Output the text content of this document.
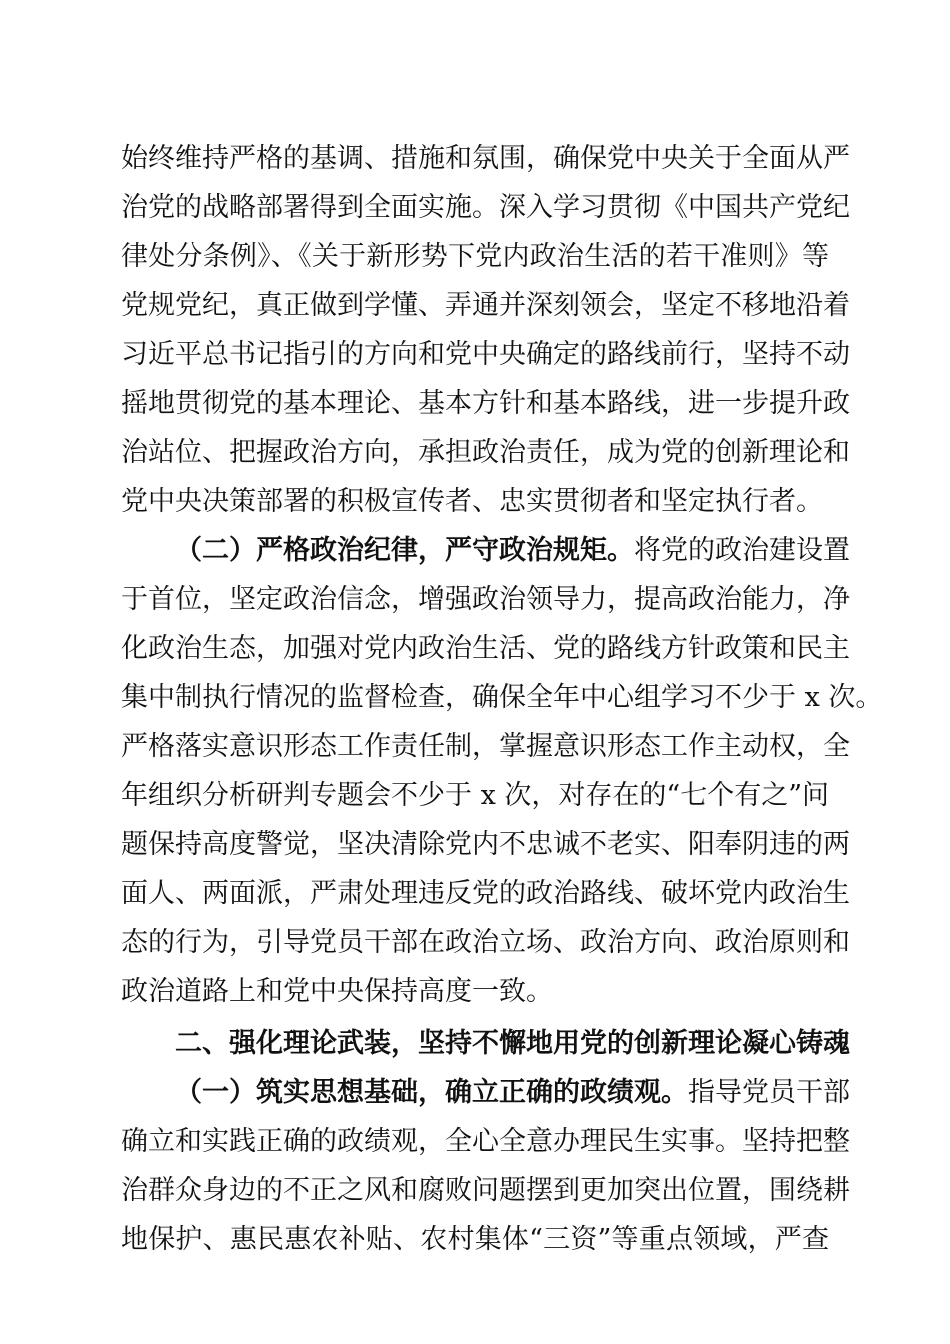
始终维持严格的基调、措施和氛围，确保党中央关于全面从严
治党的战略部署得到全面实施。深入学习贯彻《中国共产党纪
律处分条例》、《关于新形势下党内政治生活的若干准则》等
党规党纪，真正做到学懂、弄通并深刻领会，坚定不移地沿着
习近平总书记指引的方向和党中央确定的路线前行，坚持不动
摇地贯彻党的基本理论、基本方针和基本路线，进一步提升政
治站位、把握政治方向，承担政治责任，成为党的创新理论和
党中央决策部署的积极宣传者、忠实贯彻者和坚定执行者。
（二）严格政治纪律，严守政治规矩。将党的政治建设置
于首位，坚定政治信念，增强政治领导力，提高政治能力，净
化政治生态，加强对党内政治生活、党的路线方针政策和民主
集中制执行情况的监督检查，确保全年中心组学习不少于 x 次。
严格落实意识形态工作责任制，掌握意识形态工作主动权，全
年组织分析研判专题会不少于 x 次，对存在的“七个有之”问
题保持高度警觉，坚决清除党内不忠诚不老实、阳奉阴违的两
面人、两面派，严肃处理违反党的政治路线、破坏党内政治生
态的行为，引导党员干部在政治立场、政治方向、政治原则和
政治道路上和党中央保持高度一致。
二、强化理论武装，坚持不懈地用党的创新理论凝心铸魂
（一）筑实思想基础，确立正确的政绩观。指导党员干部
确立和实践正确的政绩观，全心全意办理民生实事。坚持把整
治群众身边的不正之风和腐败问题摆到更加突出位置，围绕耕
地保护、惠民惠农补贴、农村集体“三资”等重点领域，严查
